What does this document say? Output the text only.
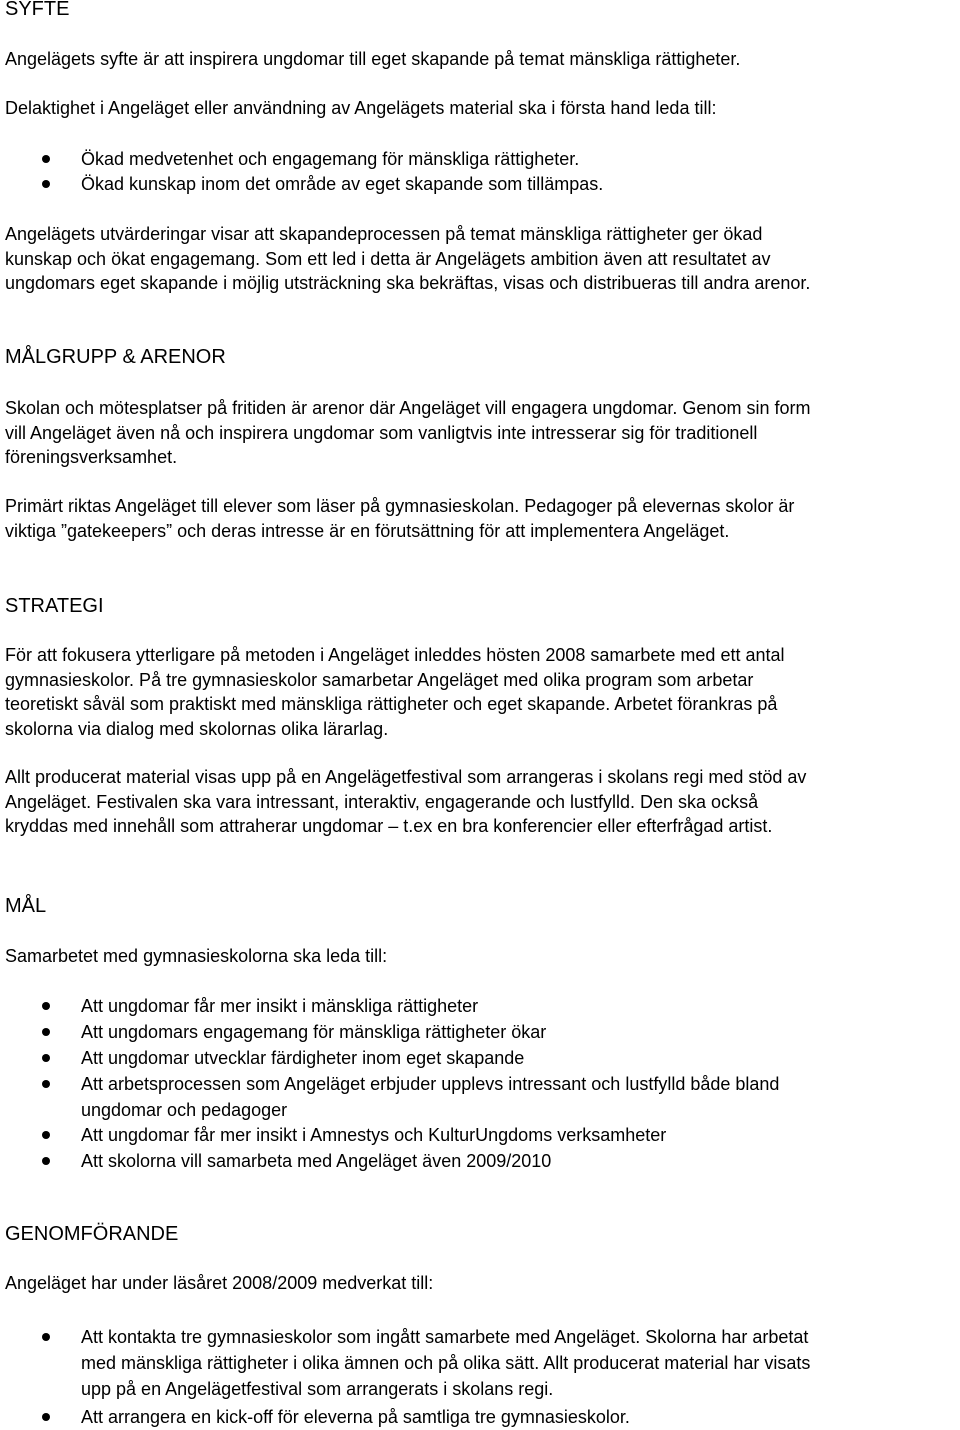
SYFTE

Angelägets syfte är att inspirera ungdomar till eget skapande på temat mänskliga rättigheter.

Delaktighet i Angeläget eller användning av Angelägets material ska i första hand leda till:

Ökad medvetenhet och engagemang för mänskliga rättigheter.
Ökad kunskap inom det område av eget skapande som tillämpas.

Angelägets utvärderingar visar att skapandeprocessen på temat mänskliga rättigheter ger ökad
kunskap och ökat engagemang. Som ett led i detta är Angelägets ambition även att resultatet av
ungdomars eget skapande i möjlig utsträckning ska bekräftas, visas och distribueras till andra arenor.

MÅLGRUPP & ARENOR

Skolan och mötesplatser på fritiden är arenor där Angeläget vill engagera ungdomar. Genom sin form
vill Angeläget även nå och inspirera ungdomar som vanligtvis inte intresserar sig för traditionell
föreningsverksamhet.

Primärt riktas Angeläget till elever som läser på gymnasieskolan. Pedagoger på elevernas skolor är
viktiga ”gatekeepers” och deras intresse är en förutsättning för att implementera Angeläget.

STRATEGI

För att fokusera ytterligare på metoden i Angeläget inleddes hösten 2008 samarbete med ett antal
gymnasieskolor. På tre gymnasieskolor samarbetar Angeläget med olika program som arbetar
teoretiskt såväl som praktiskt med mänskliga rättigheter och eget skapande. Arbetet förankras på
skolorna via dialog med skolornas olika lärarlag.

Allt producerat material visas upp på en Angelägetfestival som arrangeras i skolans regi med stöd av
Angeläget. Festivalen ska vara intressant, interaktiv, engagerande och lustfylld. Den ska också
kryddas med innehåll som attraherar ungdomar – t.ex en bra konferencier eller efterfrågad artist.

MÅL

Samarbetet med gymnasieskolorna ska leda till:

Att ungdomar får mer insikt i mänskliga rättigheter
Att ungdomars engagemang för mänskliga rättigheter ökar
Att ungdomar utvecklar färdigheter inom eget skapande
Att arbetsprocessen som Angeläget erbjuder upplevs intressant och lustfylld både bland
ungdomar och pedagoger
Att ungdomar får mer insikt i Amnestys och KulturUngdoms verksamheter
Att skolorna vill samarbeta med Angeläget även 2009/2010
GENOMFÖRANDE

Angeläget har under läsåret 2008/2009 medverkat till:

Att kontakta tre gymnasieskolor som ingått samarbete med Angeläget. Skolorna har arbetat
med mänskliga rättigheter i olika ämnen och på olika sätt. Allt producerat material har visats
upp på en Angelägetfestival som arrangerats i skolans regi.
Att arrangera en kick-off för eleverna på samtliga tre gymnasieskolor.
